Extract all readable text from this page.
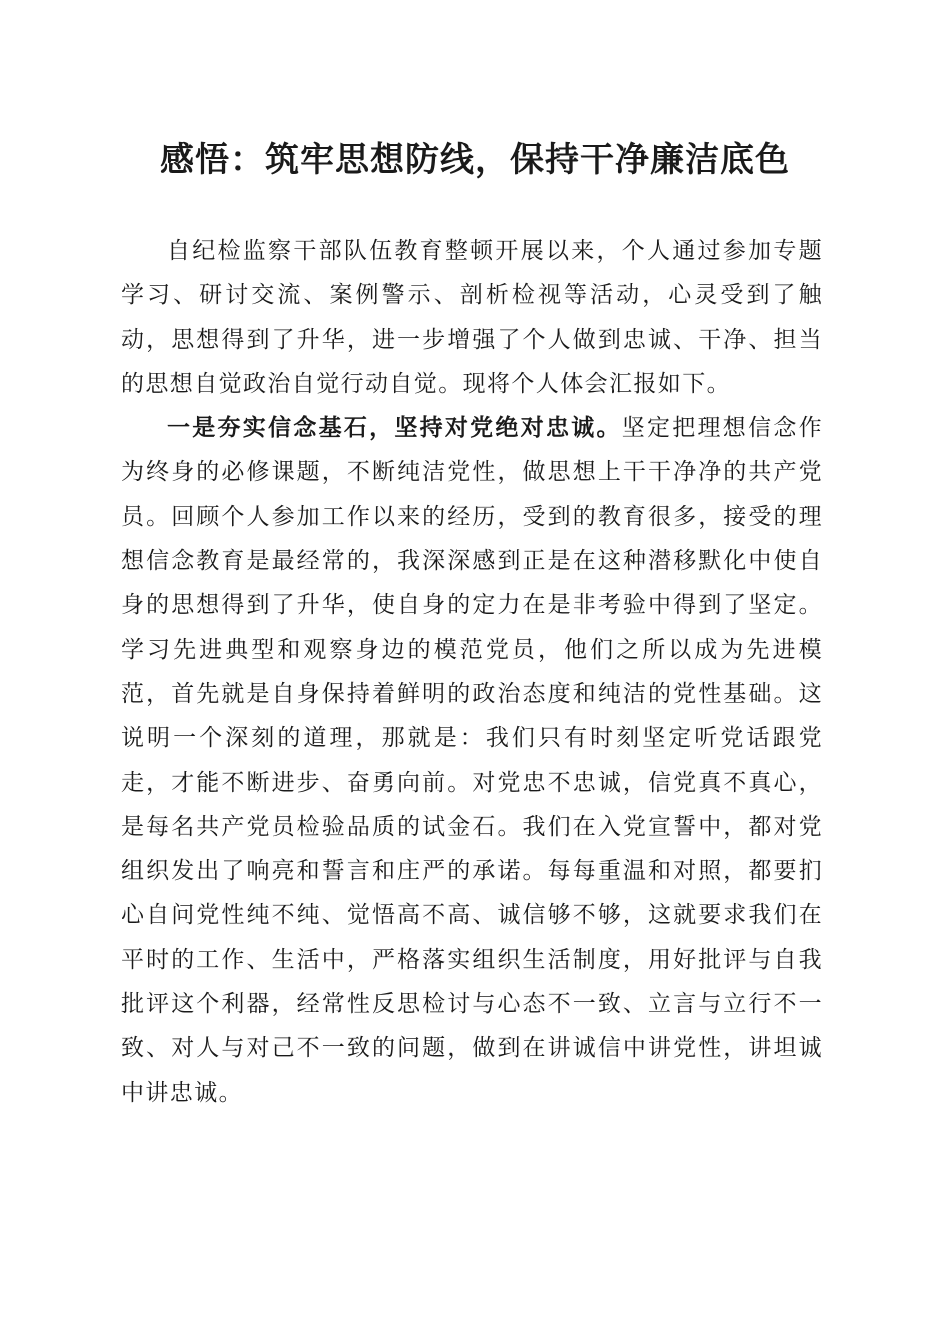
感悟：筑牢思想防线，保持干净廉洁底色

自纪检监察干部队伍教育整顿开展以来，个人通过参加专题学习、研讨交流、案例警示、剖析检视等活动，心灵受到了触动，思想得到了升华，进一步增强了个人做到忠诚、干净、担当的思想自觉政治自觉行动自觉。现将个人体会汇报如下。

一是夯实信念基石，坚持对党绝对忠诚。坚定把理想信念作为终身的必修课题，不断纯洁党性，做思想上干干净净的共产党员。回顾个人参加工作以来的经历，受到的教育很多，接受的理想信念教育是最经常的，我深深感到正是在这种潜移默化中使自身的思想得到了升华，使自身的定力在是非考验中得到了坚定。学习先进典型和观察身边的模范党员，他们之所以成为先进模范，首先就是自身保持着鲜明的政治态度和纯洁的党性基础。这说明一个深刻的道理，那就是：我们只有时刻坚定听党话跟党走，才能不断进步、奋勇向前。对党忠不忠诚，信党真不真心，是每名共产党员检验品质的试金石。我们在入党宣誓中，都对党组织发出了响亮和誓言和庄严的承诺。每每重温和对照，都要扪心自问党性纯不纯、觉悟高不高、诚信够不够，这就要求我们在平时的工作、生活中，严格落实组织生活制度，用好批评与自我批评这个利器，经常性反思检讨与心态不一致、立言与立行不一致、对人与对己不一致的问题，做到在讲诚信中讲党性，讲坦诚中讲忠诚。
